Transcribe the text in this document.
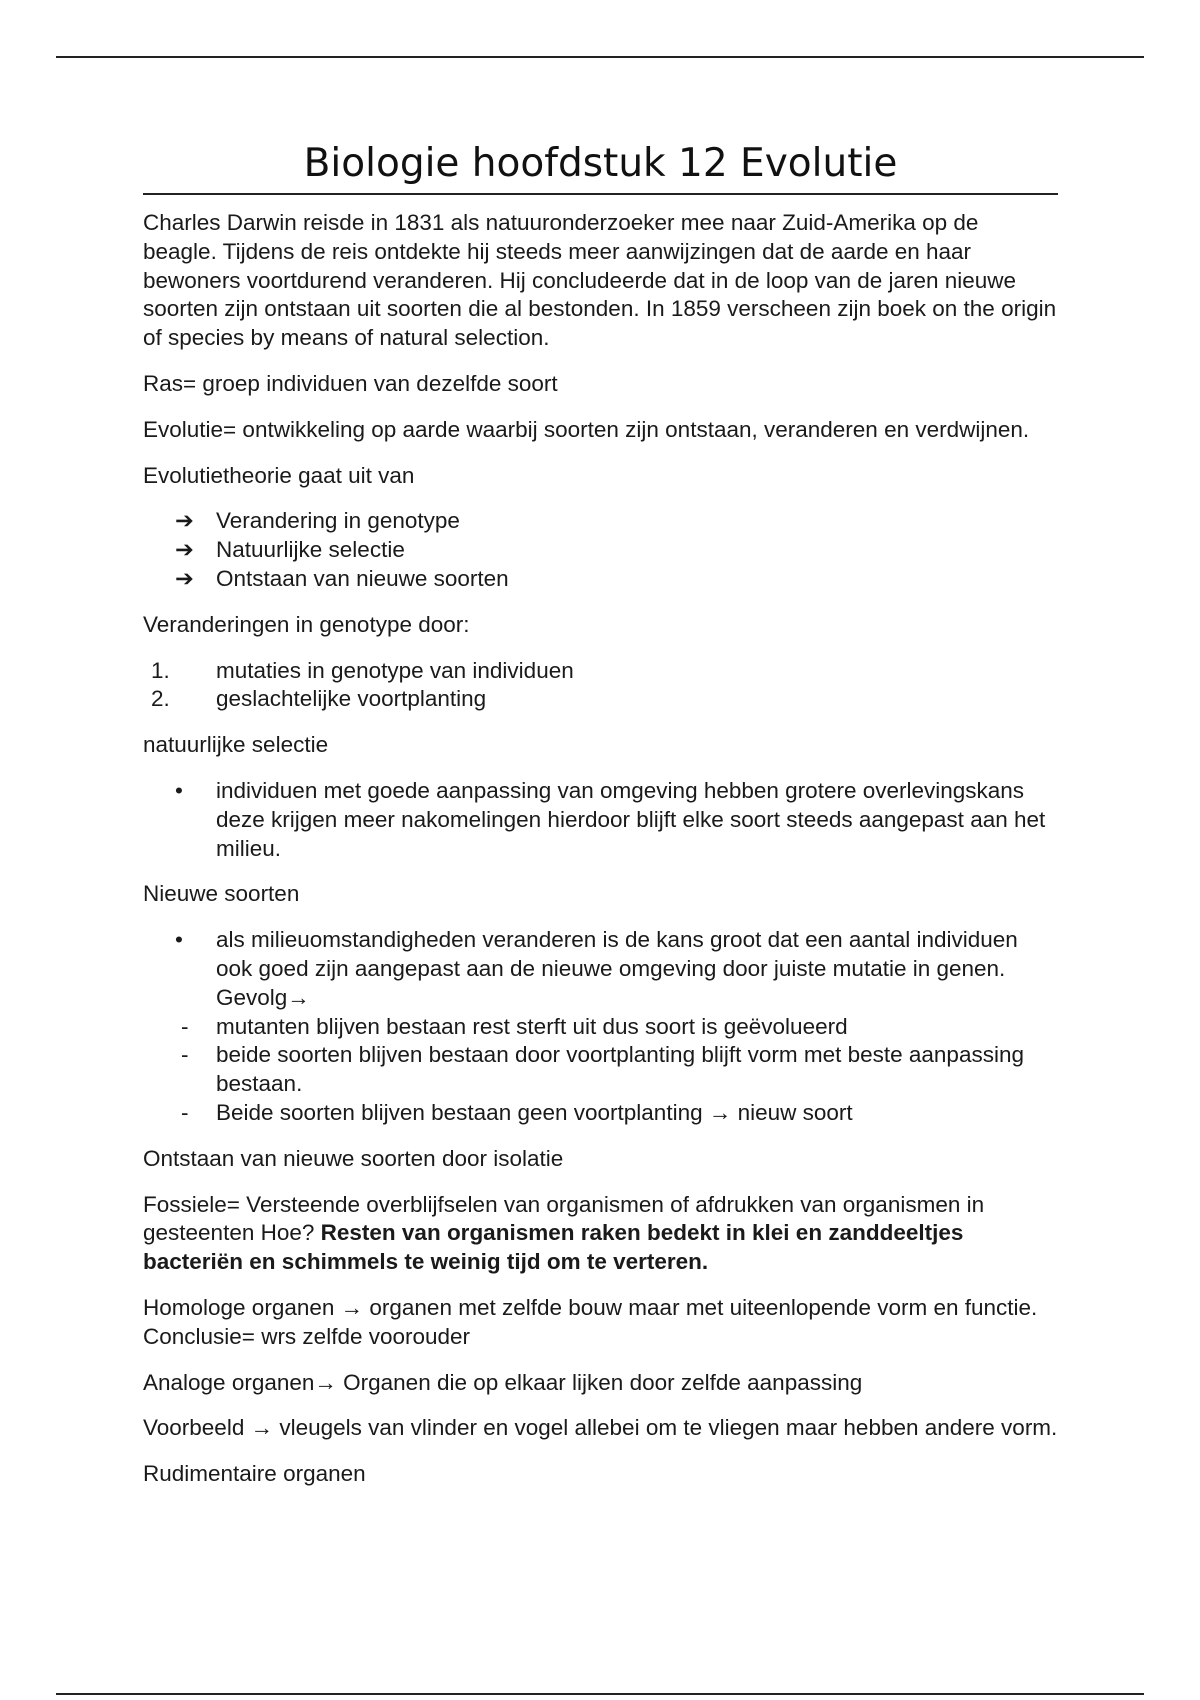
Biologie hoofdstuk 12 Evolutie

Charles Darwin reisde in 1831 als natuuronderzoeker mee naar Zuid-Amerika op de beagle. Tijdens de reis ontdekte hij steeds meer aanwijzingen dat de aarde en haar bewoners voortdurend veranderen. Hij concludeerde dat in de loop van de jaren nieuwe soorten zijn ontstaan uit soorten die al bestonden. In 1859 verscheen zijn boek on the origin of species by means of natural selection.

Ras= groep individuen van dezelfde soort

Evolutie= ontwikkeling op aarde waarbij soorten zijn ontstaan, veranderen en verdwijnen.

Evolutietheorie gaat uit van

➔ Verandering in genotype
➔ Natuurlijke selectie
➔ Ontstaan van nieuwe soorten

Veranderingen in genotype door:

1. mutaties in genotype van individuen
2. geslachtelijke voortplanting

natuurlijke selectie

• individuen met goede aanpassing van omgeving hebben grotere overlevingskans deze krijgen meer nakomelingen hierdoor blijft elke soort steeds aangepast aan het milieu.

Nieuwe soorten

• als milieuomstandigheden veranderen is de kans groot dat een aantal individuen ook goed zijn aangepast aan de nieuwe omgeving door juiste mutatie in genen. Gevolg→
- mutanten blijven bestaan rest sterft uit dus soort is geëvolueerd
- beide soorten blijven bestaan door voortplanting blijft vorm met beste aanpassing bestaan.
- Beide soorten blijven bestaan geen voortplanting → nieuw soort

Ontstaan van nieuwe soorten door isolatie

Fossiele= Versteende overblijfselen van organismen of afdrukken van organismen in gesteenten Hoe? Resten van organismen raken bedekt in klei en zanddeeltjes bacteriën en schimmels te weinig tijd om te verteren.

Homologe organen → organen met zelfde bouw maar met uiteenlopende vorm en functie. Conclusie= wrs zelfde voorouder

Analoge organen→ Organen die op elkaar lijken door zelfde aanpassing

Voorbeeld → vleugels van vlinder en vogel allebei om te vliegen maar hebben andere vorm.

Rudimentaire organen
